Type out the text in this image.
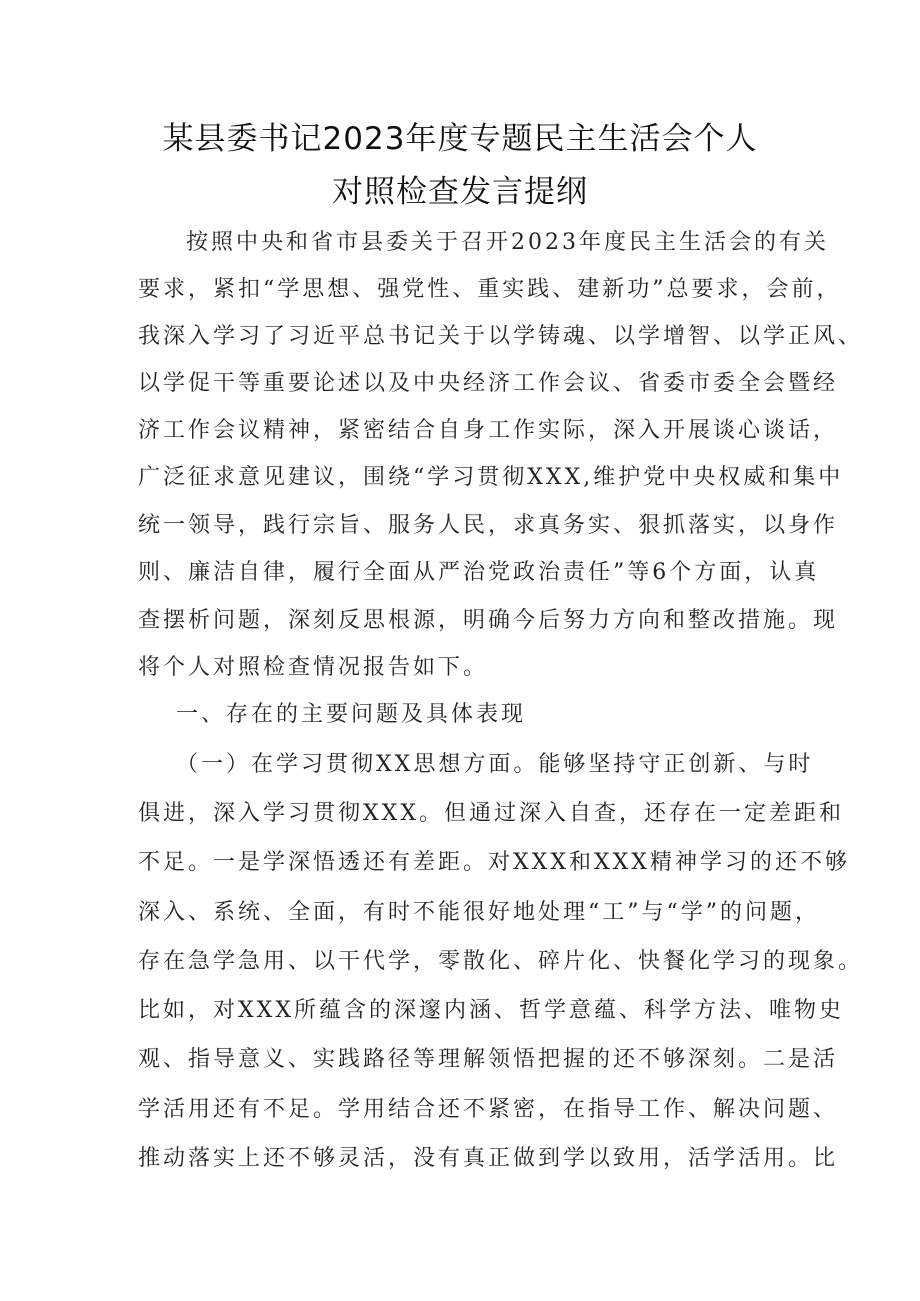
某县委书记2023年度专题民主生活会个人
对照检查发言提纲
按照中央和省市县委关于召开2023年度民主生活会的有关
要求，紧扣“学思想、强党性、重实践、建新功”总要求，会前，
我深入学习了习近平总书记关于以学铸魂、以学增智、以学正风、
以学促干等重要论述以及中央经济工作会议、省委市委全会暨经
济工作会议精神，紧密结合自身工作实际，深入开展谈心谈话，
广泛征求意见建议，围绕“学习贯彻XXX,维护党中央权威和集中
统一领导，践行宗旨、服务人民，求真务实、狠抓落实，以身作
则、廉洁自律，履行全面从严治党政治责任”等6个方面，认真
查摆析问题，深刻反思根源，明确今后努力方向和整改措施。现
将个人对照检查情况报告如下。
一、存在的主要问题及具体表现
（一）在学习贯彻XX思想方面。能够坚持守正创新、与时
俱进，深入学习贯彻XXX。但通过深入自查，还存在一定差距和
不足。一是学深悟透还有差距。对XXX和XXX精神学习的还不够
深入、系统、全面，有时不能很好地处理“工”与“学”的问题，
存在急学急用、以干代学，零散化、碎片化、快餐化学习的现象。
比如，对XXX所蕴含的深邃内涵、哲学意蕴、科学方法、唯物史
观、指导意义、实践路径等理解领悟把握的还不够深刻。二是活
学活用还有不足。学用结合还不紧密，在指导工作、解决问题、
推动落实上还不够灵活，没有真正做到学以致用，活学活用。比
